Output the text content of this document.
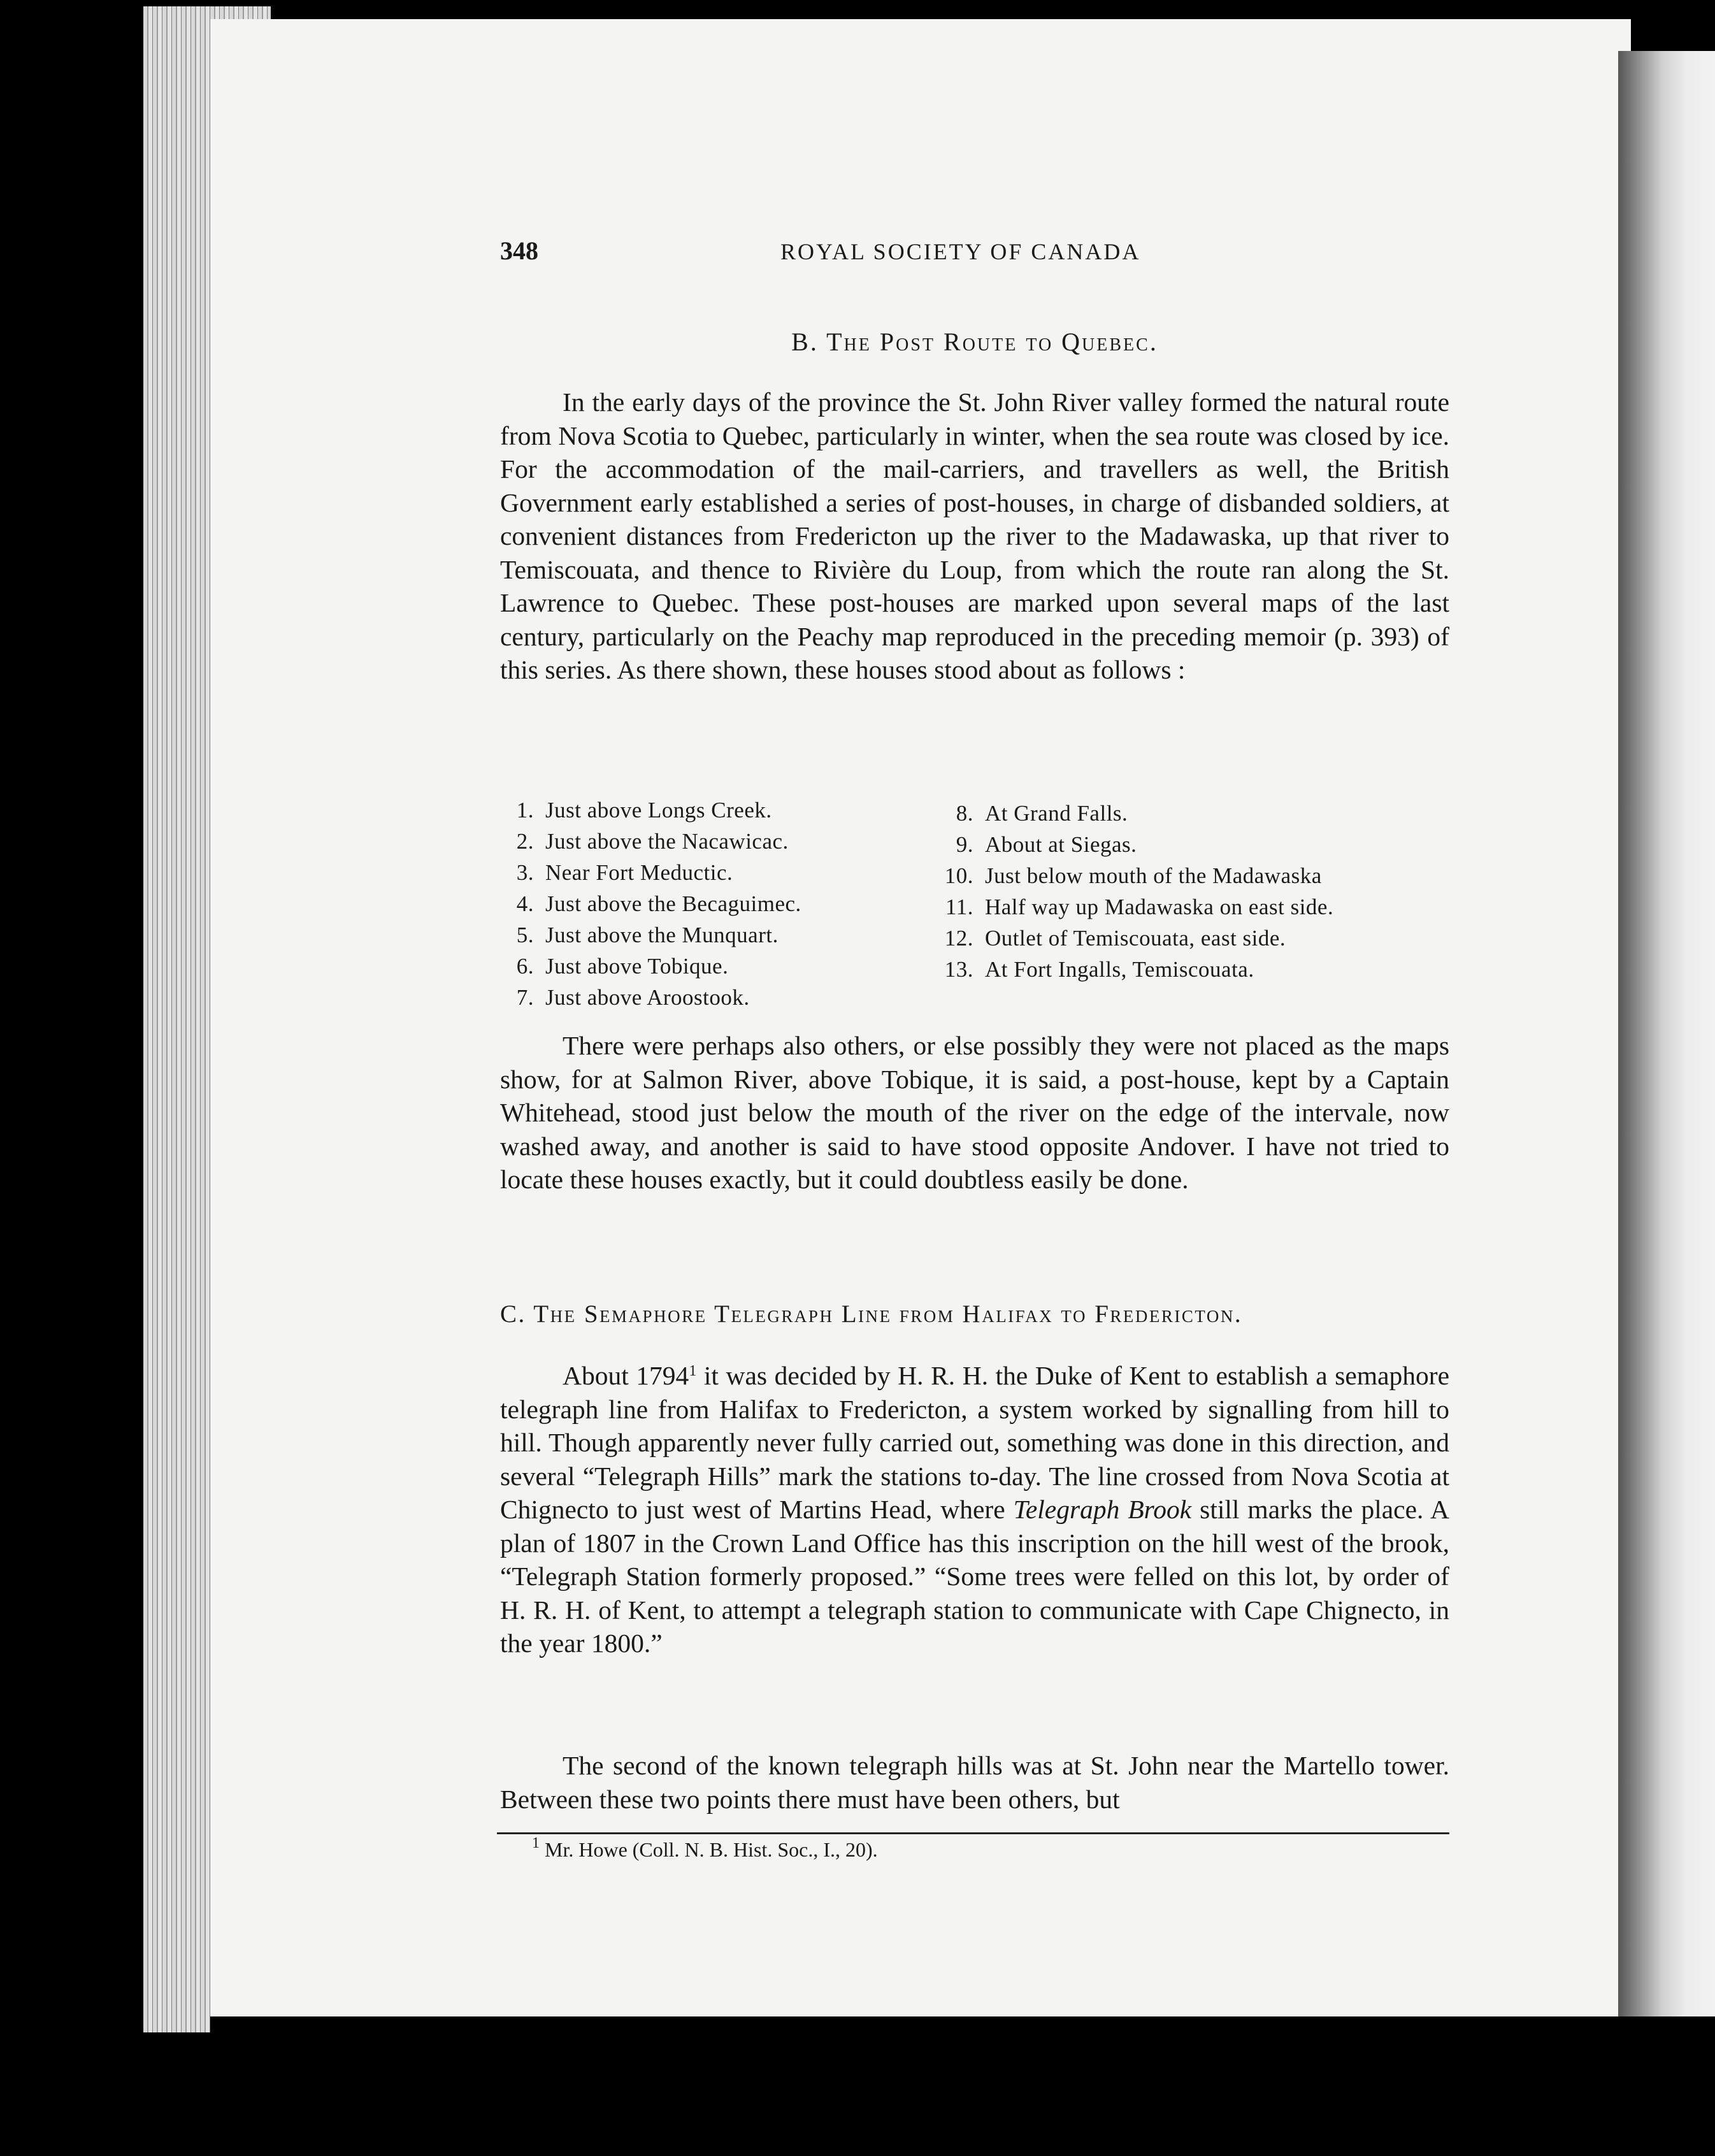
348	ROYAL SOCIETY OF CANADA
B. The Post Route to Quebec.

In the early days of the province the St. John River valley formed the natural route from Nova Scotia to Quebec, particularly in winter, when the sea route was closed by ice. For the accommodation of the mail-carriers, and travellers as well, the British Government early established a series of post-houses, in charge of disbanded soldiers, at convenient distances from Fredericton up the river to the Madawaska, up that river to Temiscouata, and thence to Rivière du Loup, from which the route ran along the St. Lawrence to Quebec. These post-houses are marked upon several maps of the last century, particularly on the Peachy map reproduced in the preceding memoir (p. 393) of this series. As there shown, these houses stood about as follows :

1. Just above Longs Creek.
2. Just above the Nacawicac.
3. Near Fort Meductic.
4. Just above the Becaguimec.
5. Just above the Munquart.
6. Just above Tobique.
7. Just above Aroostook.
8. At Grand Falls.
9. About at Siegas.
10. Just below mouth of the Madawaska
11. Half way up Madawaska on east side.
12. Outlet of Temiscouata, east side.
13. At Fort Ingalls, Temiscouata.

There were perhaps also others, or else possibly they were not placed as the maps show, for at Salmon River, above Tobique, it is said, a post-house, kept by a Captain Whitehead, stood just below the mouth of the river on the edge of the intervale, now washed away, and another is said to have stood opposite Andover. I have not tried to locate these houses exactly, but it could doubtless easily be done.

C. The Semaphore Telegraph Line from Halifax to Fredericton.

About 1794$^1$ it was decided by H. R. H. the Duke of Kent to establish a semaphore telegraph line from Halifax to Fredericton, a system worked by signalling from hill to hill. Though apparently never fully carried out, something was done in this direction, and several “Telegraph Hills” mark the stations to-day. The line crossed from Nova Scotia at Chignecto to just west of Martins Head, where Telegraph Brook still marks the place. A plan of 1807 in the Crown Land Office has this inscription on the hill west of the brook, “Telegraph Station formerly proposed.” “Some trees were felled on this lot, by order of H. R. H. of Kent, to attempt a telegraph station to communicate with Cape Chignecto, in the year 1800.”

The second of the known telegraph hills was at St. John near the Martello tower. Between these two points there must have been others, but

$^1$ Mr. Howe (Coll. N. B. Hist. Soc., I., 20).
